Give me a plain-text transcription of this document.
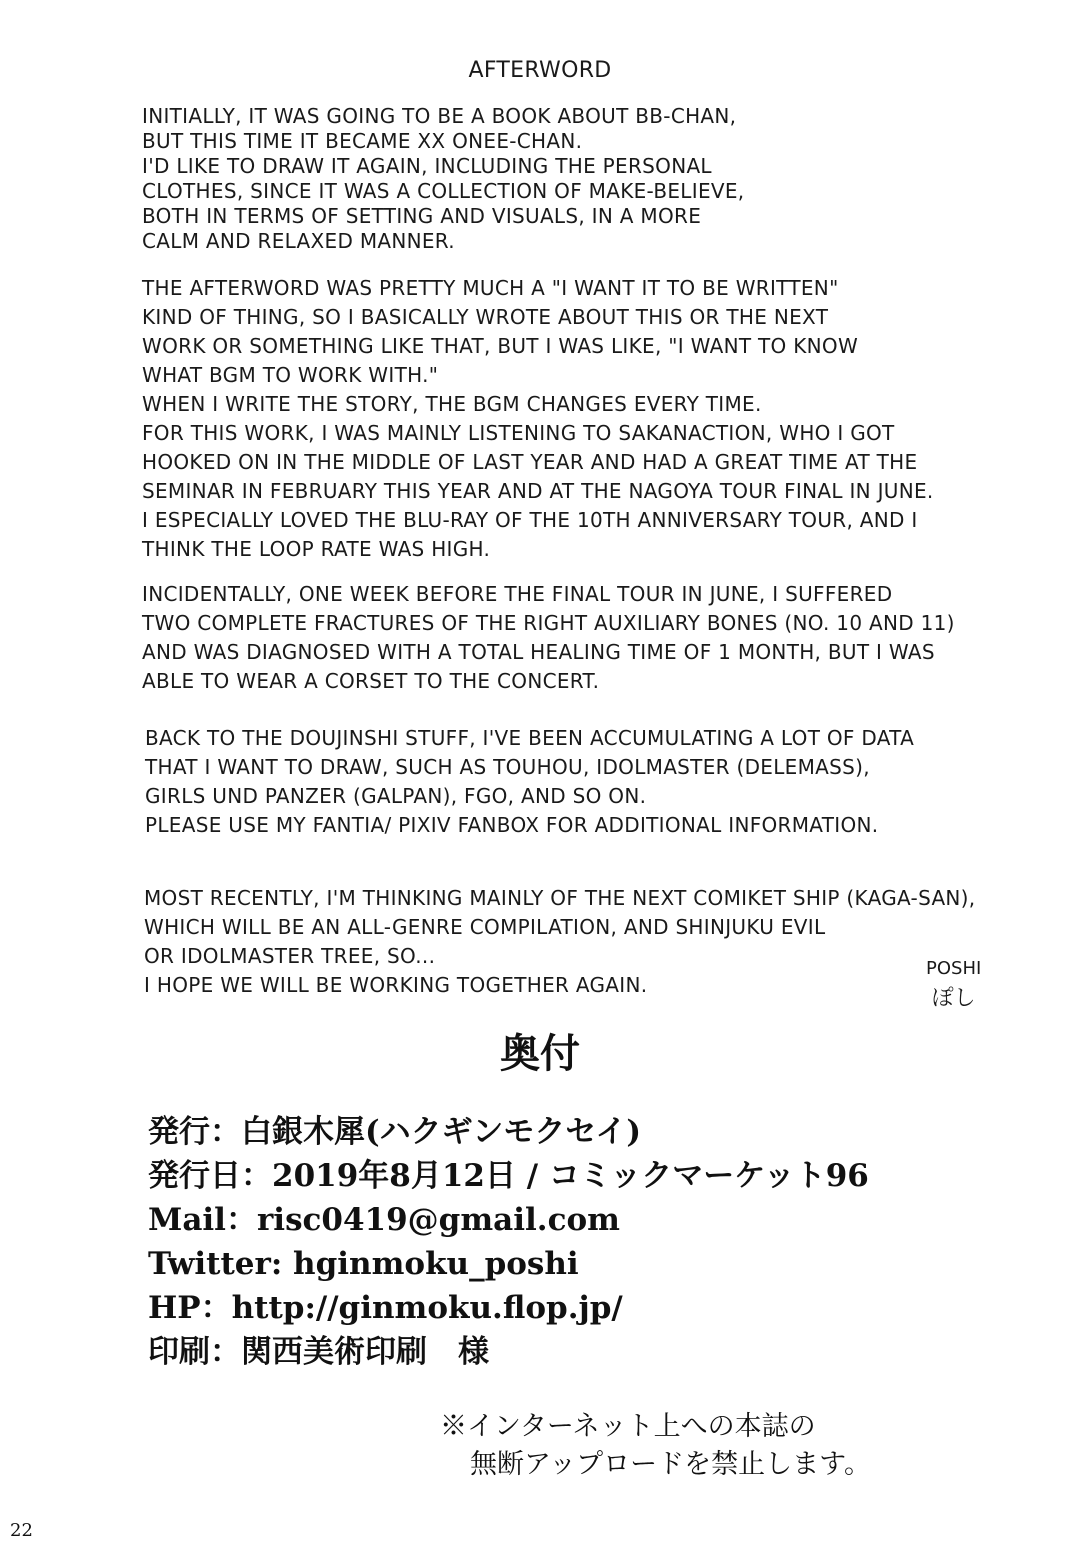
AFTERWORD
INITIALLY, IT WAS GOING TO BE A BOOK ABOUT BB-CHAN,
BUT THIS TIME IT BECAME XX ONEE-CHAN.
I'D LIKE TO DRAW IT AGAIN, INCLUDING THE PERSONAL
CLOTHES, SINCE IT WAS A COLLECTION OF MAKE-BELIEVE,
BOTH IN TERMS OF SETTING AND VISUALS, IN A MORE
CALM AND RELAXED MANNER.
THE AFTERWORD WAS PRETTY MUCH A "I WANT IT TO BE WRITTEN"
KIND OF THING, SO I BASICALLY WROTE ABOUT THIS OR THE NEXT
WORK OR SOMETHING LIKE THAT, BUT I WAS LIKE, "I WANT TO KNOW
WHAT BGM TO WORK WITH."
WHEN I WRITE THE STORY, THE BGM CHANGES EVERY TIME.
FOR THIS WORK, I WAS MAINLY LISTENING TO SAKANACTION, WHO I GOT
HOOKED ON IN THE MIDDLE OF LAST YEAR AND HAD A GREAT TIME AT THE
SEMINAR IN FEBRUARY THIS YEAR AND AT THE NAGOYA TOUR FINAL IN JUNE.
I ESPECIALLY LOVED THE BLU-RAY OF THE 10TH ANNIVERSARY TOUR, AND I
THINK THE LOOP RATE WAS HIGH.
INCIDENTALLY, ONE WEEK BEFORE THE FINAL TOUR IN JUNE, I SUFFERED
TWO COMPLETE FRACTURES OF THE RIGHT AUXILIARY BONES (NO. 10 AND 11)
AND WAS DIAGNOSED WITH A TOTAL HEALING TIME OF 1 MONTH, BUT I WAS
ABLE TO WEAR A CORSET TO THE CONCERT.
BACK TO THE DOUJINSHI STUFF, I'VE BEEN ACCUMULATING A LOT OF DATA
THAT I WANT TO DRAW, SUCH AS TOUHOU, IDOLMASTER (DELEMASS),
GIRLS UND PANZER (GALPAN), FGO, AND SO ON.
PLEASE USE MY FANTIA/ PIXIV FANBOX FOR ADDITIONAL INFORMATION.
MOST RECENTLY, I'M THINKING MAINLY OF THE NEXT COMIKET SHIP (KAGA-SAN),
WHICH WILL BE AN ALL-GENRE COMPILATION, AND SHINJUKU EVIL
OR IDOLMASTER TREE, SO...
I HOPE WE WILL BE WORKING TOGETHER AGAIN.
POSHI
ぽし
奥付
発行：白銀木犀(ハクギンモクセイ)
発行日：2019年8月12日 / コミックマーケット96
Mail：risc0419@gmail.com
Twitter: hginmoku_poshi
HP：http://ginmoku.flop.jp/
印刷：関西美術印刷　様
※インターネット上への本誌の
無断アップロードを禁止します。
22
